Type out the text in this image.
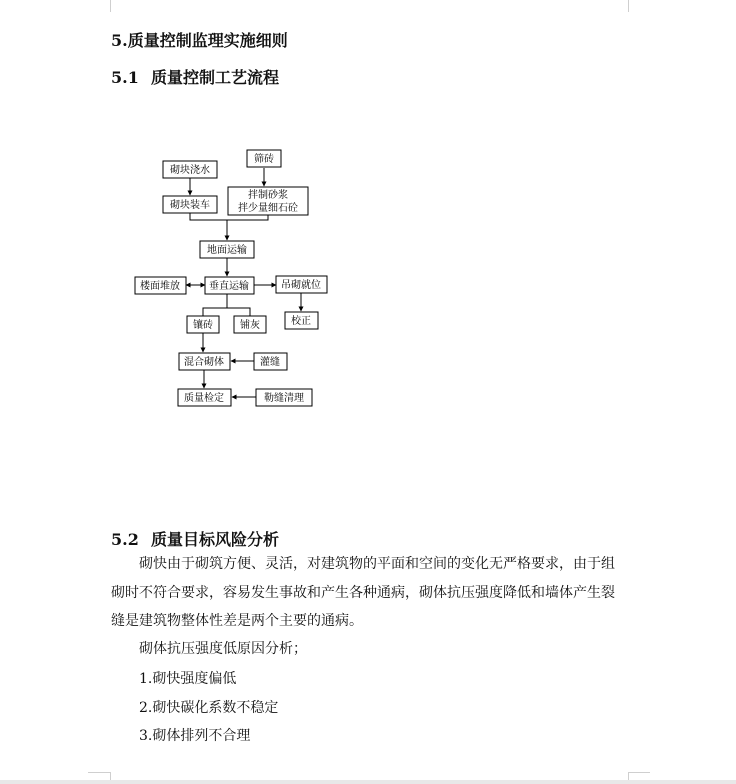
5.质量控制监理实施细则
5.1 质量控制工艺流程
砌块浇水
筛砖
砌块装车
拌制砂浆
拌少量细石砼
地面运输
楼面堆放	垂直运输	吊砌就位
镶砖	铺灰	校正
混合砌体	灌缝
质量检定	勒缝清理
5.2 质量目标风险分析
砌快由于砌筑方便、灵活，对建筑物的平面和空间的变化无严格要求，由于组砌时不符合要求，容易发生事故和产生各种通病，砌体抗压强度降低和墙体产生裂缝是建筑物整体性差是两个主要的通病。
砌体抗压强度低原因分析；
1.砌快强度偏低
2.砌快碳化系数不稳定
3.砌体排列不合理
